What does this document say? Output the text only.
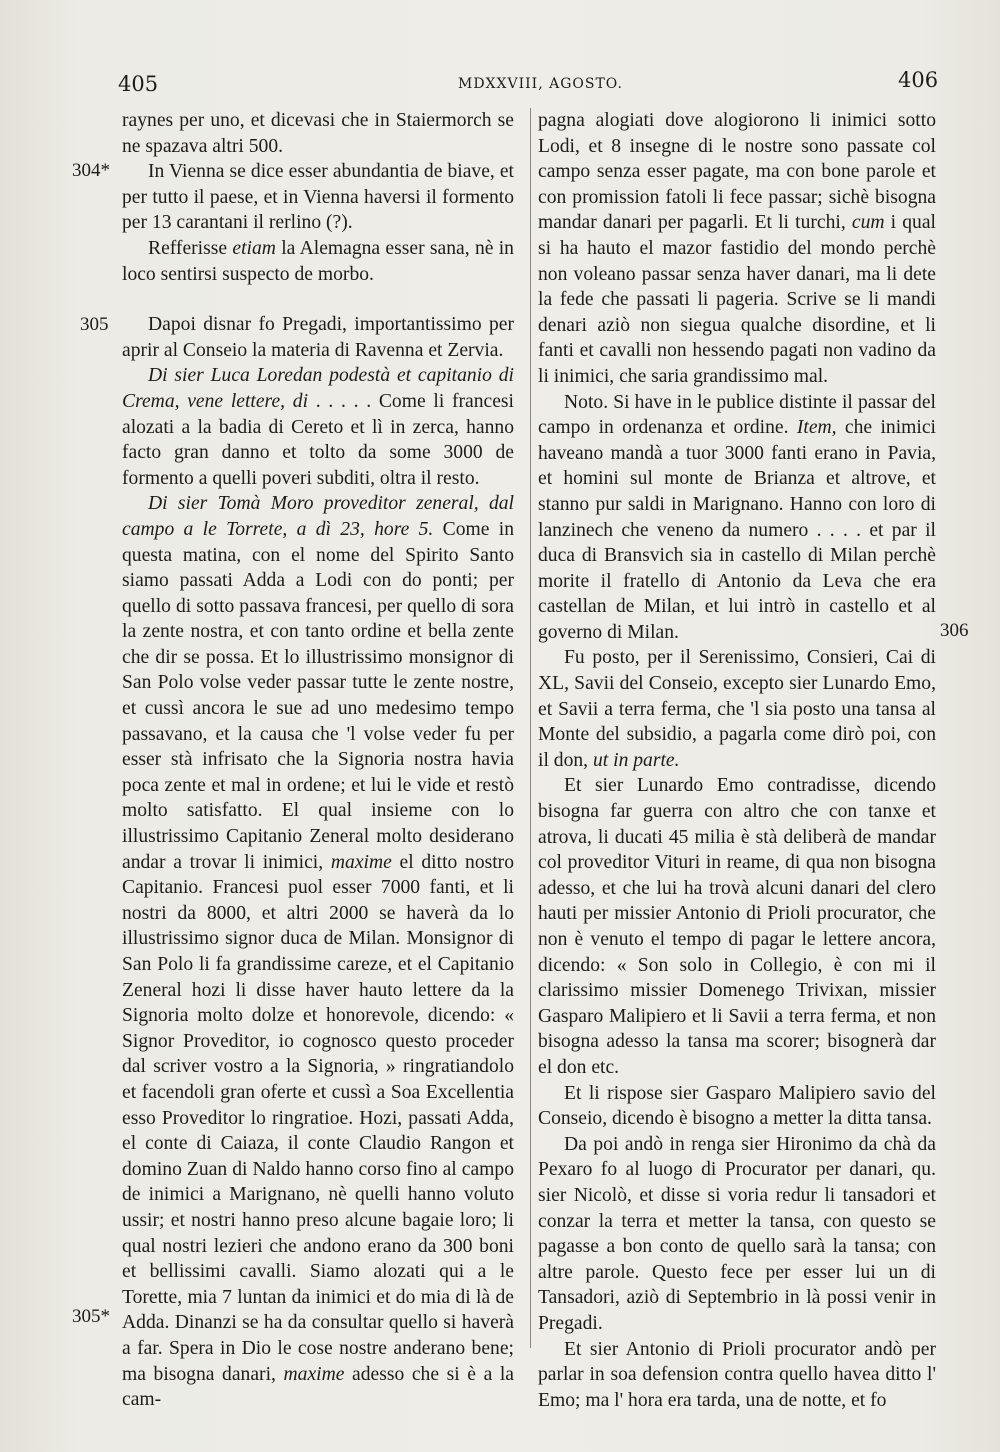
405	MDXXVIII, AGOSTO.	406
304*
305
305*
306

raynes per uno, et dicevasi che in Staiermorch se ne spazava altri 500.

In Vienna se dice esser abundantia de biave, et per tutto il paese, et in Vienna haversi il formento per 13 carantani il rerlino (?).

Refferisse etiam la Alemagna esser sana, nè in loco sentirsi suspecto de morbo.

Dapoi disnar fo Pregadi, importantissimo per aprir al Conseio la materia di Ravenna et Zervia.

Di sier Luca Loredan podestà et capitanio di Crema, vene lettere, di . . . . . Come li francesi alozati a la badia di Cereto et lì in zerca, hanno facto gran danno et tolto da some 3000 de formento a quelli poveri subditi, oltra il resto.

Di sier Tomà Moro proveditor zeneral, dal campo a le Torrete, a dì 23, hore 5. Come in questa matina, con el nome del Spirito Santo siamo passati Adda a Lodi con do ponti; per quello di sotto passava francesi, per quello di sora la zente nostra, et con tanto ordine et bella zente che dir se possa. Et lo illustrissimo monsignor di San Polo volse veder passar tutte le zente nostre, et cussì ancora le sue ad uno medesimo tempo passavano, et la causa che 'l volse veder fu per esser stà infrisato che la Signoria nostra havia poca zente et mal in ordene; et lui le vide et restò molto satisfatto. El qual insieme con lo illustrissimo Capitanio Zeneral molto desiderano andar a trovar li inimici, maxime el ditto nostro Capitanio. Francesi puol esser 7000 fanti, et li nostri da 8000, et altri 2000 se haverà da lo illustrissimo signor duca de Milan. Monsignor di San Polo li fa grandissime careze, et el Capitanio Zeneral hozi li disse haver hauto lettere da la Signoria molto dolze et honorevole, dicendo: « Signor Proveditor, io cognosco questo proceder dal scriver vostro a la Signoria, » ringratiandolo et facendoli gran oferte et cussì a Soa Excellentia esso Proveditor lo ringratioe. Hozi, passati Adda, el conte di Caiaza, il conte Claudio Rangon et domino Zuan di Naldo hanno corso fino al campo de inimici a Marignano, nè quelli hanno voluto ussir; et nostri hanno preso alcune bagaie loro; li qual nostri lezieri che andono erano da 300 boni et bellissimi cavalli. Siamo alozati qui a le Torette, mia 7 luntan da inimici et do mia di là de Adda. Dinanzi se ha da consultar quello si haverà a far. Spera in Dio le cose nostre anderano bene; ma bisogna danari, maxime adesso che si è a la cam-

pagna alogiati dove alogiorono li inimici sotto Lodi, et 8 insegne di le nostre sono passate col campo senza esser pagate, ma con bone parole et con promission fatoli li fece passar; sichè bisogna mandar danari per pagarli. Et li turchi, cum i qual si ha hauto el mazor fastidio del mondo perchè non voleano passar senza haver danari, ma li dete la fede che passati li pageria. Scrive se li mandi denari aziò non siegua qualche disordine, et li fanti et cavalli non hessendo pagati non vadino da li inimici, che saria grandissimo mal.

Noto. Si have in le publice distinte il passar del campo in ordenanza et ordine. Item, che inimici haveano mandà a tuor 3000 fanti erano in Pavia, et homini sul monte de Brianza et altrove, et stanno pur saldi in Marignano. Hanno con loro di lanzinech che veneno da numero . . . . et par il duca di Bransvich sia in castello di Milan perchè morite il fratello di Antonio da Leva che era castellan de Milan, et lui intrò in castello et al governo di Milan.

Fu posto, per il Serenissimo, Consieri, Cai di XL, Savii del Conseio, excepto sier Lunardo Emo, et Savii a terra ferma, che 'l sia posto una tansa al Monte del subsidio, a pagarla come dirò poi, con il don, ut in parte.

Et sier Lunardo Emo contradisse, dicendo bisogna far guerra con altro che con tanxe et atrova, li ducati 45 milia è stà deliberà de mandar col proveditor Vituri in reame, di qua non bisogna adesso, et che lui ha trovà alcuni danari del clero hauti per missier Antonio di Prioli procurator, che non è venuto el tempo di pagar le lettere ancora, dicendo: « Son solo in Collegio, è con mi il clarissimo missier Domenego Trivixan, missier Gasparo Malipiero et li Savii a terra ferma, et non bisogna adesso la tansa ma scorer; bisognerà dar el don etc.

Et li rispose sier Gasparo Malipiero savio del Conseio, dicendo è bisogno a metter la ditta tansa.

Da poi andò in renga sier Hironimo da chà da Pexaro fo al luogo di Procurator per danari, qu. sier Nicolò, et disse si voria redur li tansadori et conzar la terra et metter la tansa, con questo se pagasse a bon conto de quello sarà la tansa; con altre parole. Questo fece per esser lui un di Tansadori, aziò di Septembrio in là possi venir in Pregadi.

Et sier Antonio di Prioli procurator andò per parlar in soa defension contra quello havea ditto l' Emo; ma l' hora era tarda, una de notte, et fo
